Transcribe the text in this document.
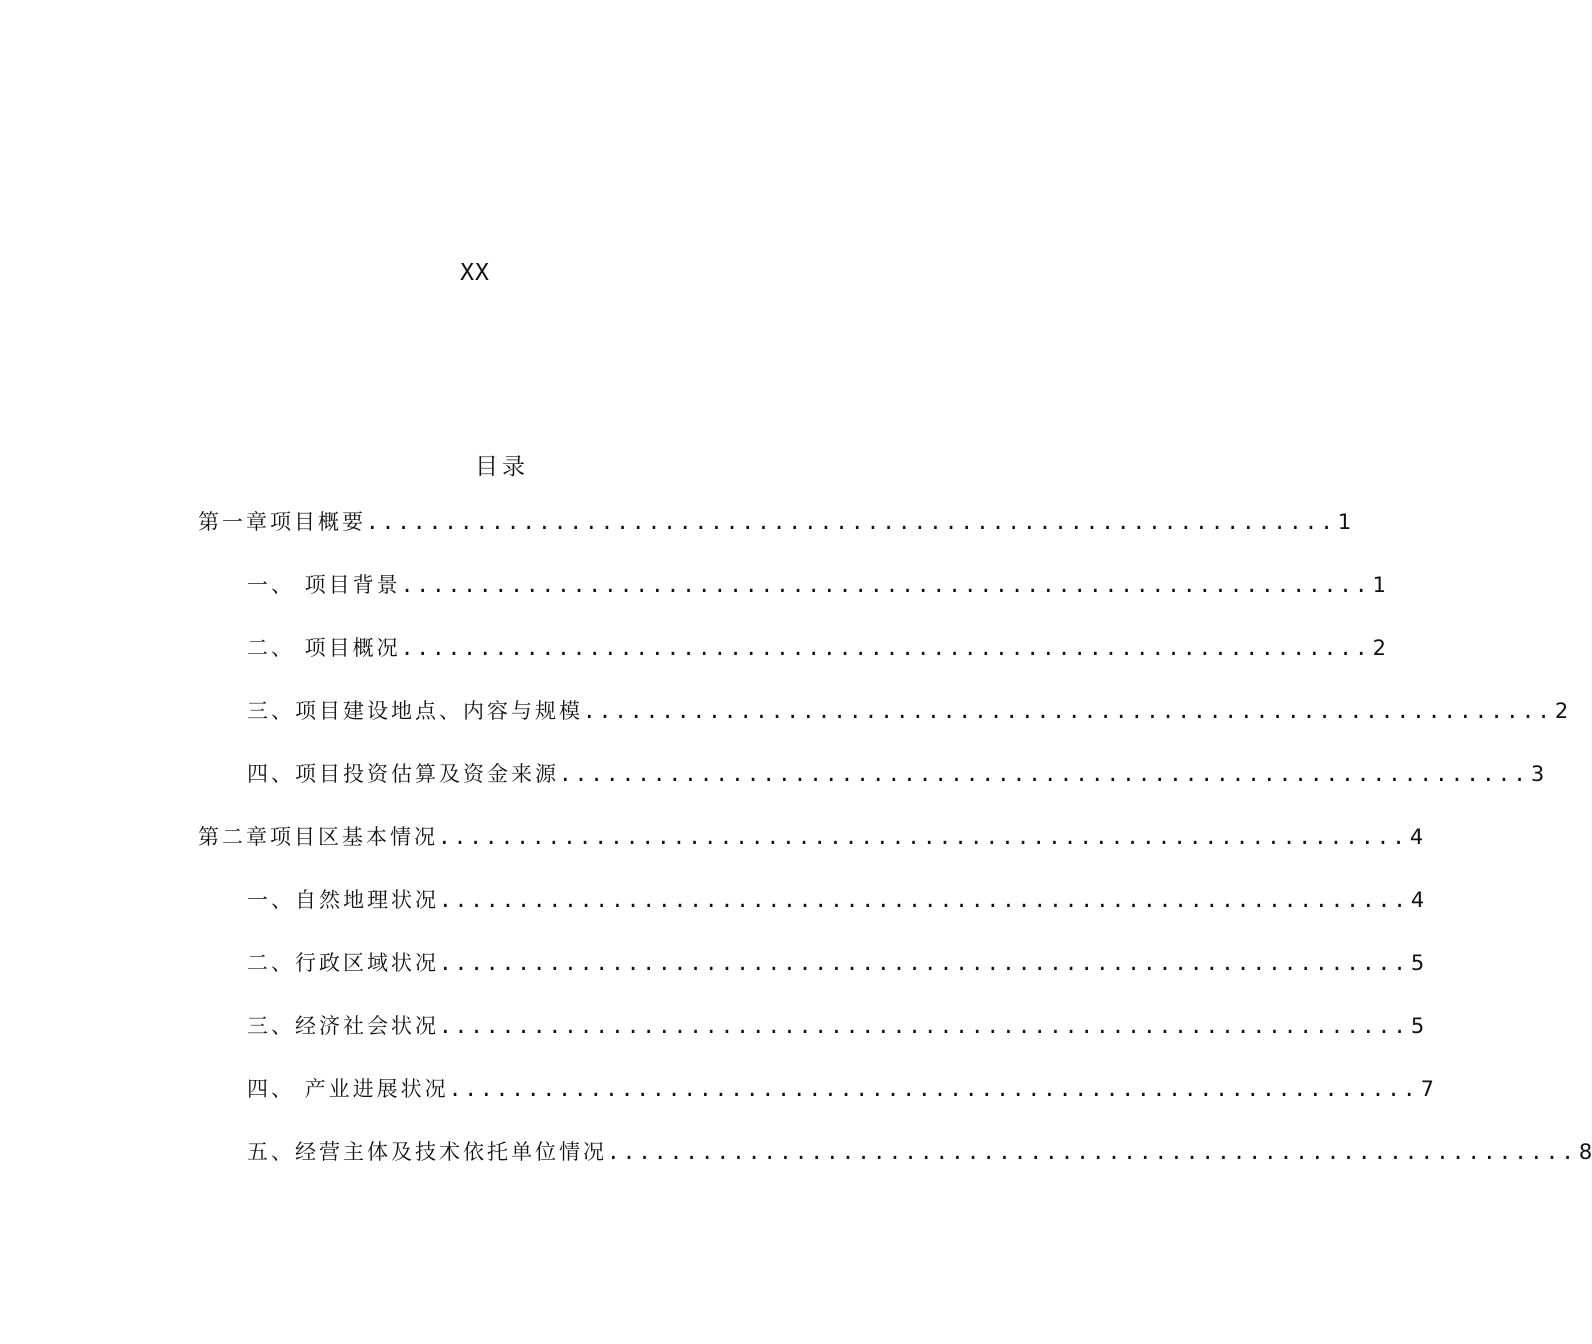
XX
目录
第一章项目概要 .............................................................. 1
一、 项目背景 .............................................................. 1
二、 项目概况 .............................................................. 2
三、项目建设地点、内容与规模 .............................................................. 2
四、项目投资估算及资金来源 .............................................................. 3
第二章项目区基本情况 .............................................................. 4
一、自然地理状况 .............................................................. 4
二、行政区域状况 .............................................................. 5
三、经济社会状况 .............................................................. 5
四、 产业进展状况 .............................................................. 7
五、经营主体及技术依托单位情况 .............................................................. 8
